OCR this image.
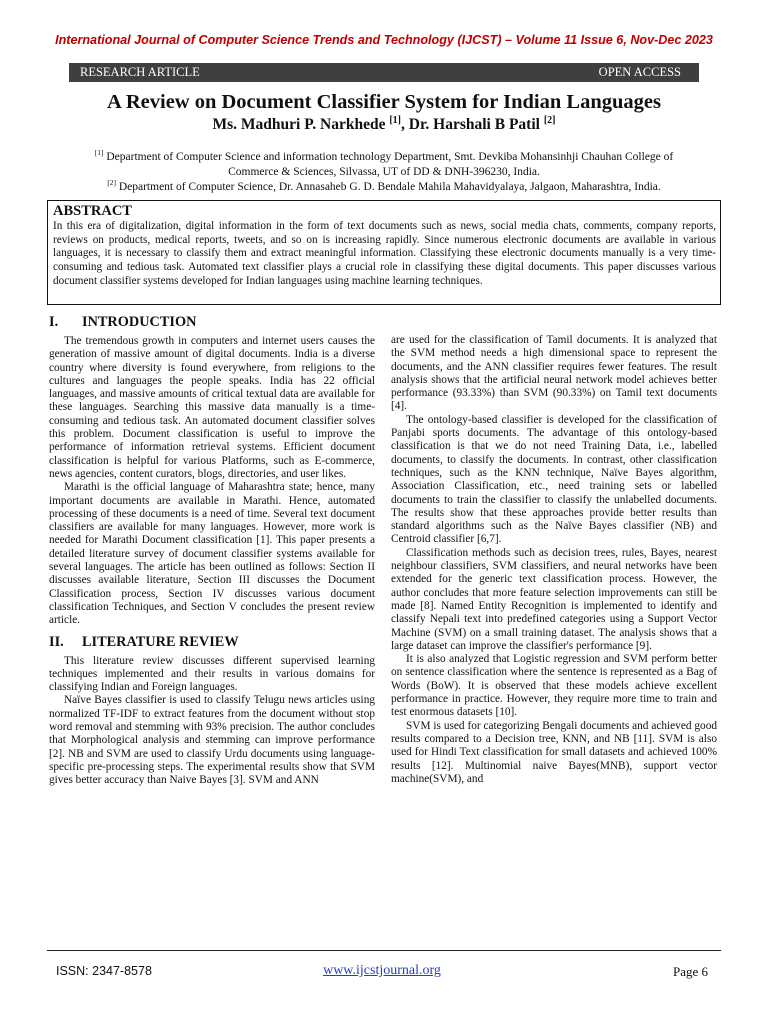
International Journal of Computer Science Trends and Technology (IJCST) – Volume 11 Issue 6, Nov-Dec 2023
RESEARCH ARTICLE	OPEN ACCESS
A Review on Document Classifier System for Indian Languages
Ms. Madhuri P. Narkhede [1], Dr. Harshali B Patil [2]
[1] Department of Computer Science and information technology Department, Smt. Devkiba Mohansinhji Chauhan College of
Commerce & Sciences, Silvassa, UT of DD & DNH-396230, India.
[2] Department of Computer Science, Dr. Annasaheb G. D. Bendale Mahila Mahavidyalaya, Jalgaon, Maharashtra, India.
ABSTRACT
In this era of digitalization, digital information in the form of text documents such as news, social media chats, comments, company reports, reviews on products, medical reports, tweets, and so on is increasing rapidly. Since numerous electronic documents are available in various languages, it is necessary to classify them and extract meaningful information. Classifying these electronic documents manually is a very time-consuming and tedious task. Automated text classifier plays a crucial role in classifying these digital documents. This paper discusses various document classifier systems developed for Indian languages using machine learning techniques.
I. INTRODUCTION

The tremendous growth in computers and internet users causes the generation of massive amount of digital documents. India is a diverse country where diversity is found everywhere, from religions to the cultures and languages the people speaks. India has 22 official languages, and massive amounts of critical textual data are available for these languages. Searching this massive data manually is a time-consuming and tedious task. An automated document classifier solves this problem. Document classification is useful to improve the performance of information retrieval systems. Efficient document classification is helpful for various Platforms, such as E-commerce, news agencies, content curators, blogs, directories, and user likes.

Marathi is the official language of Maharashtra state; hence, many important documents are available in Marathi. Hence, automated processing of these documents is a need of time. Several text document classifiers are available for many languages. However, more work is needed for Marathi Document classification [1]. This paper presents a detailed literature survey of document classifier systems available for several languages. The article has been outlined as follows: Section II discusses available literature, Section III discusses the Document Classification process, Section IV discusses various document classification Techniques, and Section V concludes the present review article.

II. LITERATURE REVIEW

This literature review discusses different supervised learning techniques implemented and their results in various domains for classifying Indian and Foreign languages.

Naïve Bayes classifier is used to classify Telugu news articles using normalized TF-IDF to extract features from the document without stop word removal and stemming with 93% precision. The author concludes that Morphological analysis and stemming can improve performance [2]. NB and SVM are used to classify Urdu documents using language-specific pre-processing steps. The experimental results show that SVM gives better accuracy than Naive Bayes [3]. SVM and ANN

are used for the classification of Tamil documents. It is analyzed that the SVM method needs a high dimensional space to represent the documents, and the ANN classifier requires fewer features. The result analysis shows that the artificial neural network model achieves better performance (93.33%) than SVM (90.33%) on Tamil text documents [4].

The ontology-based classifier is developed for the classification of Panjabi sports documents. The advantage of this ontology-based classification is that we do not need Training Data, i.e., labelled documents, to classify the documents. In contrast, other classification techniques, such as the KNN technique, Naïve Bayes algorithm, Association Classification, etc., need training sets or labelled documents to train the classifier to classify the unlabelled documents. The results show that these approaches provide better results than standard algorithms such as the Naïve Bayes classifier (NB) and Centroid classifier [6,7].

Classification methods such as decision trees, rules, Bayes, nearest neighbour classifiers, SVM classifiers, and neural networks have been extended for the generic text classification process. However, the author concludes that more feature selection improvements can still be made [8]. Named Entity Recognition is implemented to identify and classify Nepali text into predefined categories using a Support Vector Machine (SVM) on a small training dataset. The analysis shows that a large dataset can improve the classifier's performance [9].

It is also analyzed that Logistic regression and SVM perform better on sentence classification where the sentence is represented as a Bag of Words (BoW). It is observed that these models achieve excellent performance in practice. However, they require more time to train and test enormous datasets [10].

SVM is used for categorizing Bengali documents and achieved good results compared to a Decision tree, KNN, and NB [11]. SVM is also used for Hindi Text classification for small datasets and achieved 100% results [12]. Multinomial naive Bayes(MNB), support vector machine(SVM), and

ISSN: 2347-8578	www.ijcstjournal.org	Page 6
